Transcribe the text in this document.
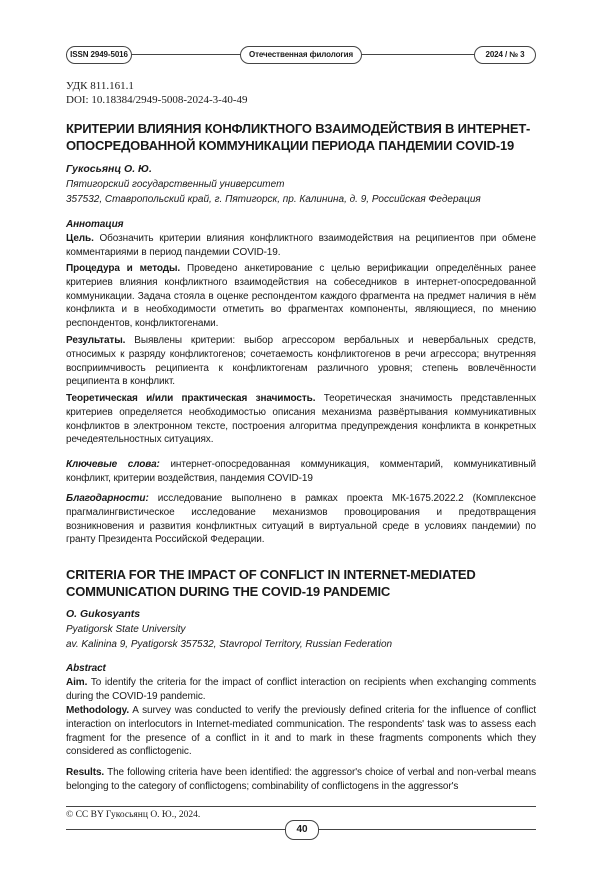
ISSN 2949-5016	Отечественная филология	2024 / № 3
УДК 811.161.1
DOI: 10.18384/2949-5008-2024-3-40-49
КРИТЕРИИ ВЛИЯНИЯ КОНФЛИКТНОГО ВЗАИМОДЕЙСТВИЯ В ИНТЕРНЕТ-ОПОСРЕДОВАННОЙ КОММУНИКАЦИИ ПЕРИОДА ПАНДЕМИИ COVID-19
Гукосьянц О. Ю.
Пятигорский государственный университет
357532, Ставропольский край, г. Пятигорск, пр. Калинина, д. 9, Российская Федерация
Аннотация
Цель. Обозначить критерии влияния конфликтного взаимодействия на реципиентов при обмене комментариями в период пандемии COVID-19.
Процедура и методы. Проведено анкетирование с целью верификации определённых ранее критериев влияния конфликтного взаимодействия на собеседников в интернет-опосредованной коммуникации. Задача стояла в оценке респондентом каждого фрагмента на предмет наличия в нём конфликта и в необходимости отметить во фрагментах компоненты, являющиеся, по мнению респондентов, конфликтогенами.
Результаты. Выявлены критерии: выбор агрессором вербальных и невербальных средств, относимых к разряду конфликтогенов; сочетаемость конфликтогенов в речи агрессора; внутренняя восприимчивость реципиента к конфликтогенам различного уровня; степень вовлечённости реципиента в конфликт.
Теоретическая и/или практическая значимость. Теоретическая значимость представленных критериев определяется необходимостью описания механизма развёртывания коммуникативных конфликтов в электронном тексте, построения алгоритма предупреждения конфликта в конкретных речедеятельностных ситуациях.
Ключевые слова: интернет-опосредованная коммуникация, комментарий, коммуникативный конфликт, критерии воздействия, пандемия COVID-19
Благодарности: исследование выполнено в рамках проекта МК-1675.2022.2 (Комплексное прагмалингвистическое исследование механизмов провоцирования и предотвращения возникновения и развития конфликтных ситуаций в виртуальной среде в условиях пандемии) по гранту Президента Российской Федерации.
CRITERIA FOR THE IMPACT OF CONFLICT IN INTERNET-MEDIATED COMMUNICATION DURING THE COVID-19 PANDEMIC
O. Gukosyants
Pyatigorsk State University
av. Kalinina 9, Pyatigorsk 357532, Stavropol Territory, Russian Federation
Abstract
Aim. To identify the criteria for the impact of conflict interaction on recipients when exchanging comments during the COVID-19 pandemic.
Methodology. A survey was conducted to verify the previously defined criteria for the influence of conflict interaction on interlocutors in Internet-mediated communication. The respondents' task was to assess each fragment for the presence of a conflict in it and to mark in these fragments components which they considered as conflictogenic.
Results. The following criteria have been identified: the aggressor's choice of verbal and non-verbal means belonging to the category of conflictogens; combinability of conflictogens in the aggressor's
© CC BY Гукосьянц О. Ю., 2024.
40
